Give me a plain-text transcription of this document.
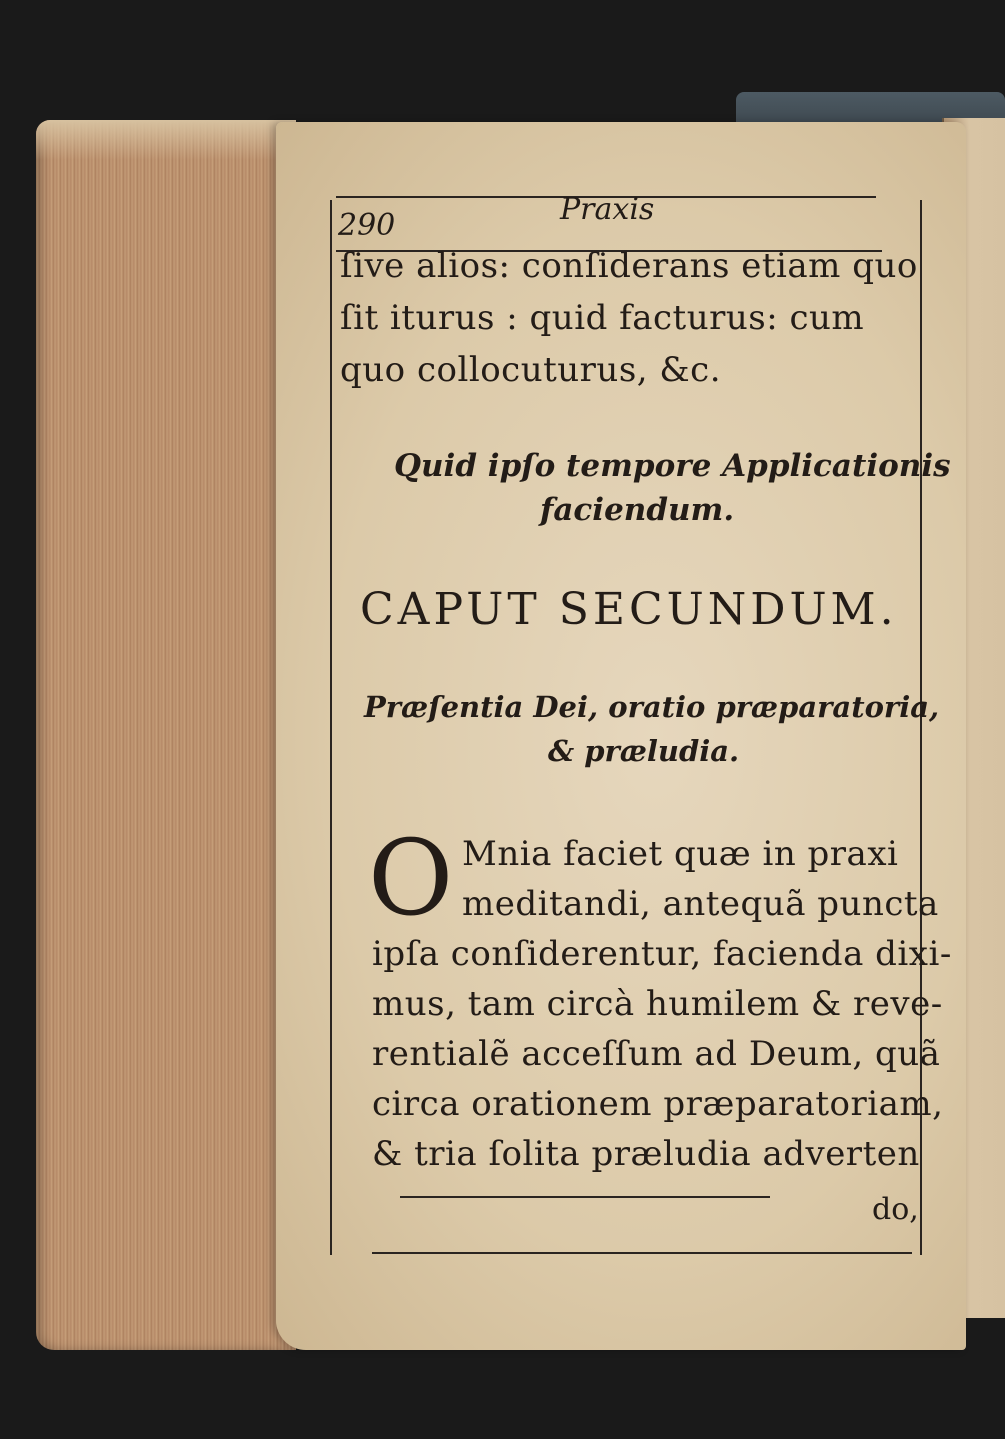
290	Praxis
ſive alios: conſiderans etiam quo
ſit iturus : quid facturus: cum
quo collocuturus, &c.
Quid ipſo tempore Applicationis
faciendum.
CAPUT SECUNDUM.
Præſentia Dei, oratio præparatoria,
& præludia.
O Mnia faciet quæ in praxi
meditandi, antequã puncta
ipſa conſiderentur, facienda dixi-
mus, tam circà humilem & reve-
rentialẽ acceſſum ad Deum, quã
circa orationem præparatoriam,
& tria ſolita præludia adverten
do,
